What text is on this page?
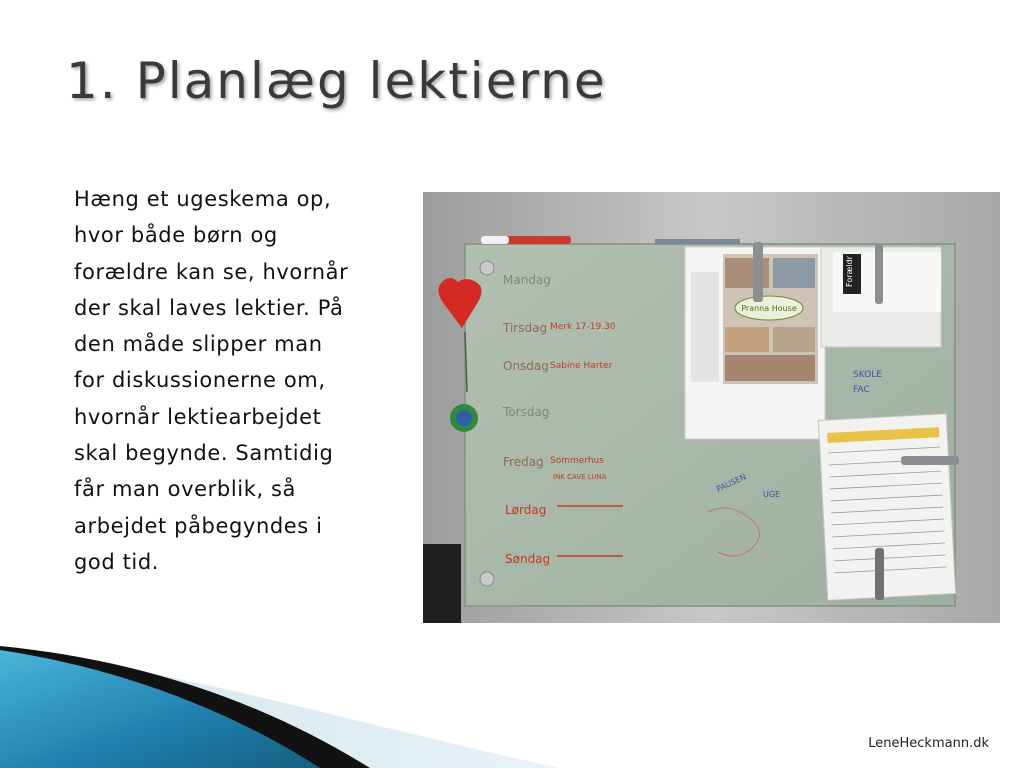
1. Planlæg lektierne
Hæng et ugeskema op,
hvor både børn og
forældre kan se, hvornår
der skal laves lektier. På
den måde slipper man
for diskussionerne om,
hvornår lektiearbejdet
skal begynde. Samtidig
får man overblik, så
arbejdet påbegyndes i
god tid.
Mandag
Tirsdag Merk 17-19.30
Onsdag Sabine Harter
Torsdag
Fredag Sommerhus
INK CAVE LUNA
Lørdag
Søndag
Pranna House
Forældr
SKOLE
FAC
PAUSEN
UGE
LeneHeckmann.dk
